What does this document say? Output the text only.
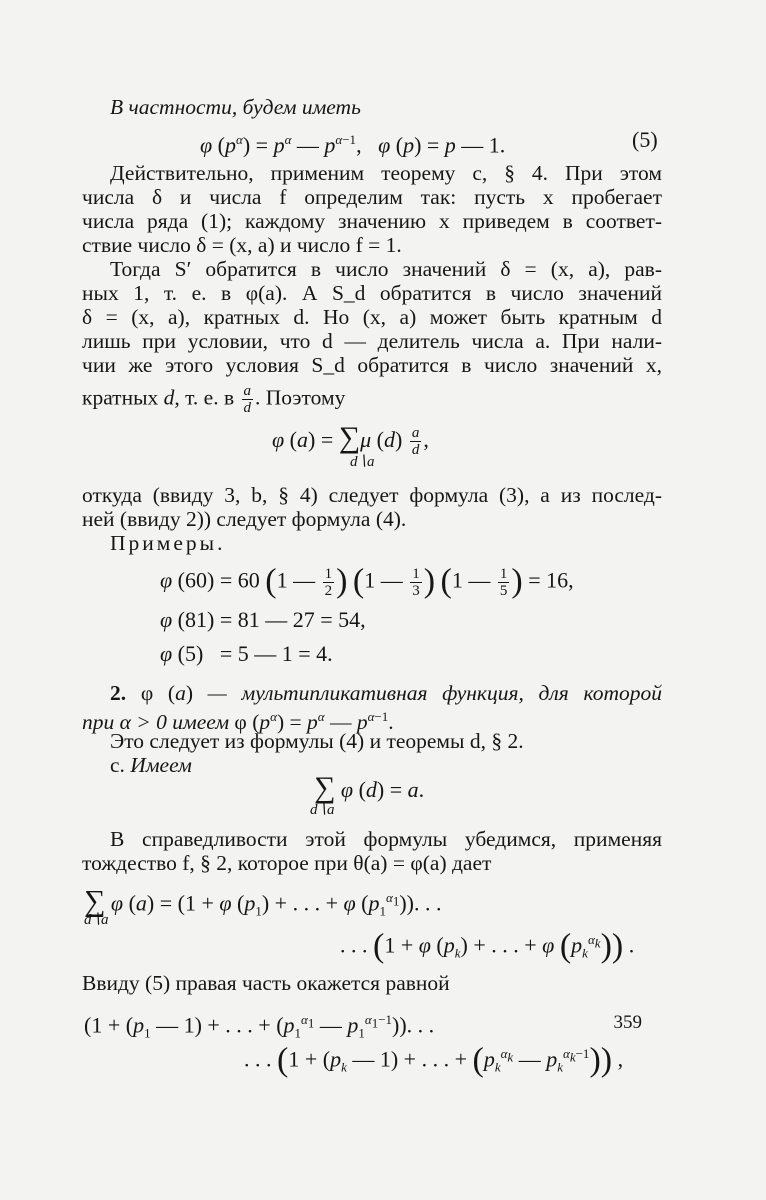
В частности, будем иметь
φ $(p^\alpha) = p^\alpha$ — $p^{\alpha-1}$,   φ (p) = p — 1.	(5)
Действительно, применим теорему c, § 4. При этом
числа δ и числа f определим так: пусть x пробегает
числа ряда (1); каждому значению x приведем в соответ-
ствие число δ = (x, a) и число f = 1.
Тогда S′ обратится в число значений δ = (x, a), рав-
ных 1, т. е. в φ(a). А S_d обратится в число значений
δ = (x, a), кратных d. Но (x, a) может быть кратным d
лишь при условии, что d — делитель числа a. При нали-
чии же этого условия S_d обратится в число значений x,
кратных d, т. е. в $\frac{a}{d}$ . Поэтому
φ (a) = ∑μ $(d) \frac{a}{d}$ ,
d∖a
откуда (ввиду 3, b, § 4) следует формула (3), а из послед-
ней (ввиду 2)) следует формула (4).
Примеры.
φ (60) = 60 (1 — $\frac{1}{2}$ ) (1 — $\frac{1}{3}$ ) (1 — $\frac{1}{5}$ ) = 16,
φ (81) = 81 — 27 = 54,
φ (5)   = 5 — 1 = 4.
2. φ (a) — мультипликативная функция, для которой
при α > 0 имеем φ $(p^\alpha) = p^\alpha$ — $p^{\alpha-1}$.
Это следует из формулы (4) и теоремы d, § 2.
c. Имеем
∑ φ (d) = a.
d∖a
В справедливости этой формулы убедимся, применяя
тождество f, § 2, которое при θ(a) = φ(a) дает
∑ φ (a) = (1 + φ $(p_1)$ + . . . + φ $(p_1^{\alpha_1})$). . .
d∖a
. . . (1 + φ $(p_k)$ + . . . + φ $(p_k^{\alpha_k})$) .
Ввиду (5) правая часть окажется равной
($1 + (p_1$ — 1) + . . . + ($p_1^{\alpha_1}$ — $p_1^{\alpha_1-1}$)). . .
. . . ($1 + (p_k$ — 1) + . . . + ($p_k^{\alpha_k}$ — $p_k^{\alpha_k-1}$)) ,
359
